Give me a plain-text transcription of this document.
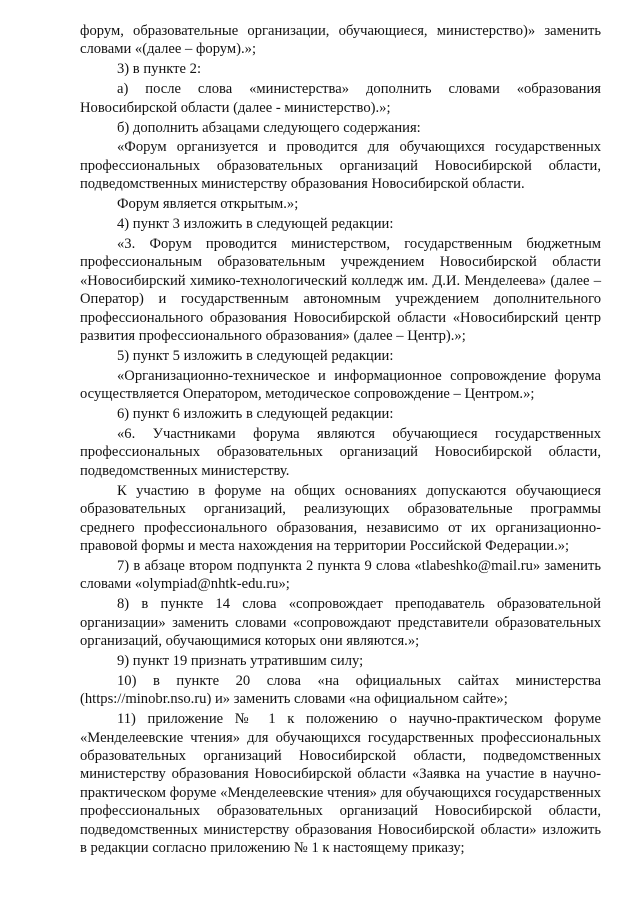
форум, образовательные организации, обучающиеся, министерство)» заменить словами «(далее – форум).»;

3) в пункте 2:

а) после слова «министерства» дополнить словами «образования Новосибирской области (далее - министерство).»;

б) дополнить абзацами следующего содержания:

«Форум организуется и проводится для обучающихся государственных профессиональных образовательных организаций Новосибирской области, подведомственных министерству образования Новосибирской области.

Форум является открытым.»;

4) пункт 3 изложить в следующей редакции:

«3. Форум проводится министерством, государственным бюджетным профессиональным образовательным учреждением Новосибирской области «Новосибирский химико-технологический колледж им. Д.И. Менделеева» (далее – Оператор) и государственным автономным учреждением дополнительного профессионального образования Новосибирской области «Новосибирский центр развития профессионального образования» (далее – Центр).»;

5) пункт 5 изложить в следующей редакции:

«Организационно-техническое и информационное сопровождение форума осуществляется Оператором, методическое сопровождение – Центром.»;

6) пункт 6 изложить в следующей редакции:

«6. Участниками форума являются обучающиеся государственных профессиональных образовательных организаций Новосибирской области, подведомственных министерству.

К участию в форуме на общих основаниях допускаются обучающиеся образовательных организаций, реализующих образовательные программы среднего профессионального образования, независимо от их организационно-правовой формы и места нахождения на территории Российской Федерации.»;

7) в абзаце втором подпункта 2 пункта 9 слова «tlabeshko@mail.ru» заменить словами «olympiad@nhtk-edu.ru»;

8) в пункте 14 слова «сопровождает преподаватель образовательной организации» заменить словами «сопровождают представители образовательных организаций, обучающимися которых они являются.»;

9) пункт 19 признать утратившим силу;

10) в пункте 20 слова «на официальных сайтах министерства (https://minobr.nso.ru) и» заменить словами «на официальном сайте»;

11) приложение № 1 к положению о научно-практическом форуме «Менделеевские чтения» для обучающихся государственных профессиональных образовательных организаций Новосибирской области, подведомственных министерству образования Новосибирской области «Заявка на участие в научно-практическом форуме «Менделеевские чтения» для обучающихся государственных профессиональных образовательных организаций Новосибирской области, подведомственных министерству образования Новосибирской области» изложить в редакции согласно приложению № 1 к настоящему приказу;
